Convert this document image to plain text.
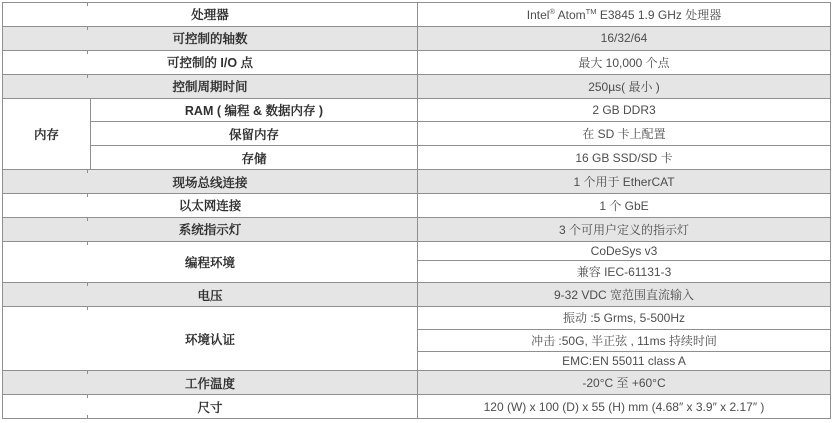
处理器		Intel® Atom™ E3845 1.9 GHz 处理器
可控制的轴数		16/32/64
可控制的 I/O 点		最大 10,000 个点
控制周期时间		250µs( 最小 )
内存	RAM ( 编程 & 数据内存 )	2 GB DDR3
	保留内存	在 SD 卡上配置
	存储	16 GB SSD/SD 卡
现场总线连接		1 个用于 EtherCAT
以太网连接		1 个 GbE
系统指示灯		3 个可用户定义的指示灯
编程环境		CoDeSys v3
		兼容 IEC-61131-3
电压		9-32 VDC 宽范围直流输入
环境认证		振动 :5 Grms, 5-500Hz
		冲击 :50G, 半正弦 , 11ms 持续时间
		EMC:EN 55011 class A
工作温度		-20°C 至 +60°C
尺寸		120 (W) x 100 (D) x 55 (H) mm (4.68″ x 3.9″ x 2.17″ )
